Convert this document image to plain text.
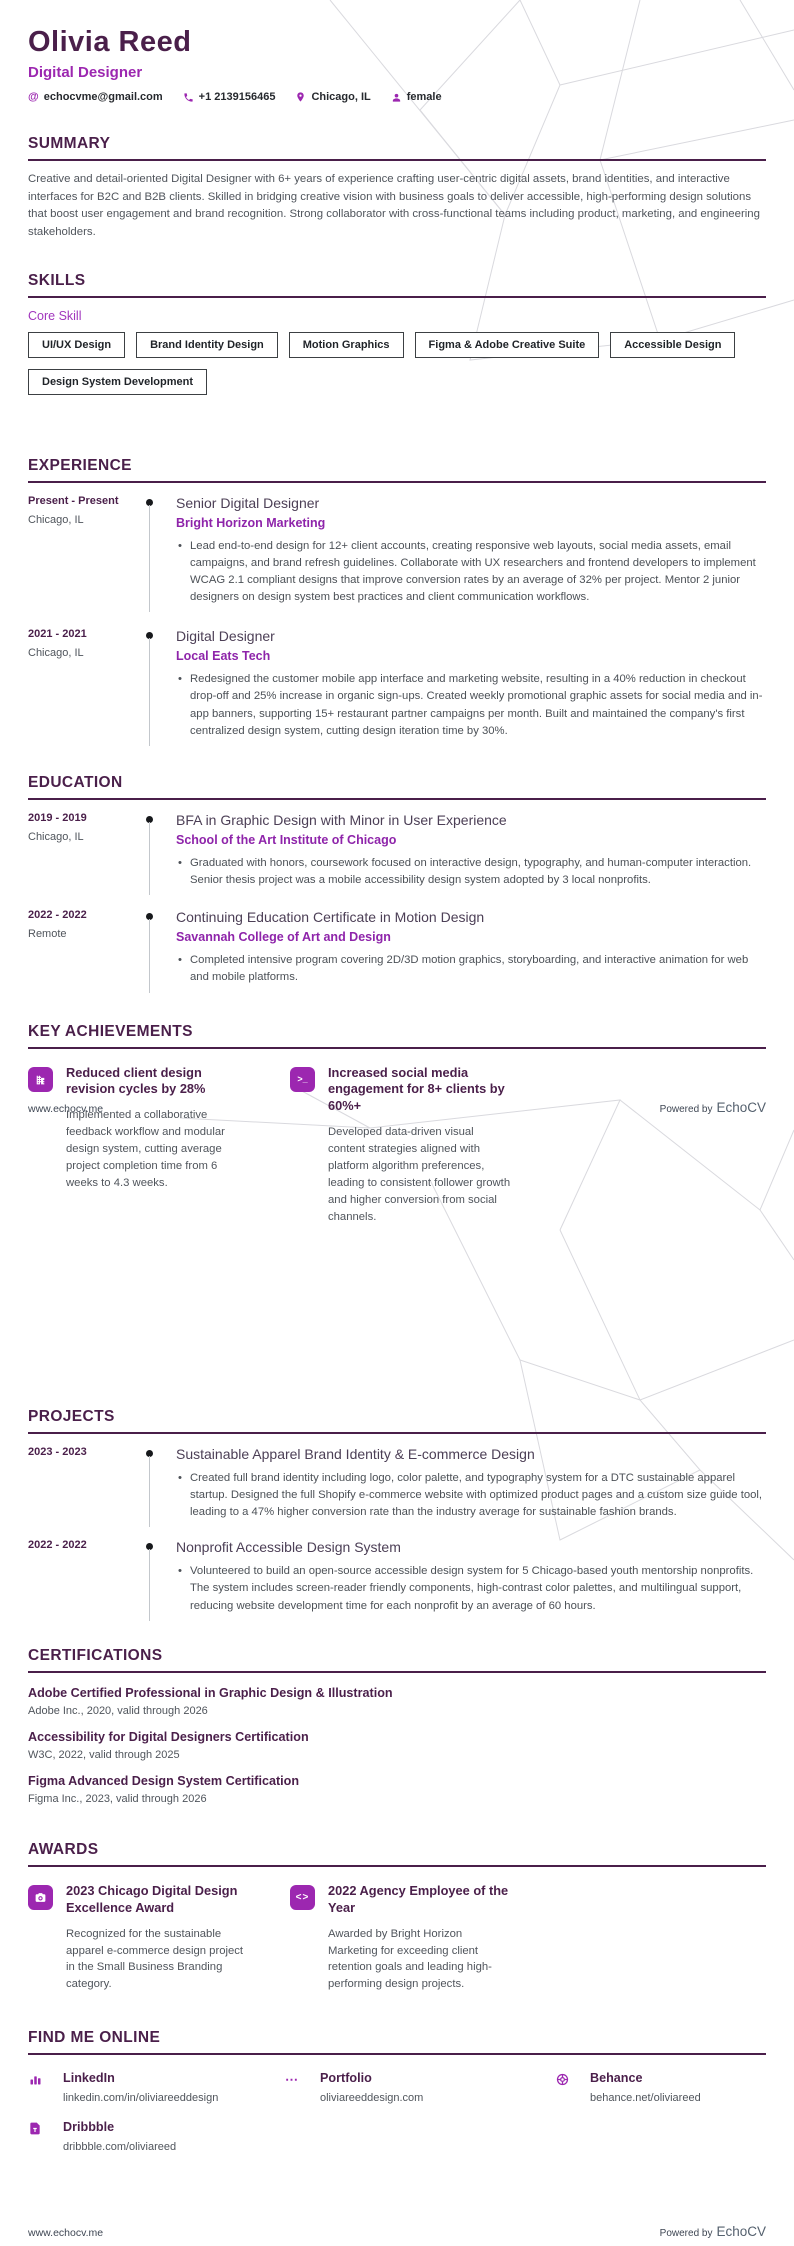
Olivia Reed
Digital Designer
@ echocvme@gmail.com	+1 2139156465	Chicago, IL	female
SUMMARY
Creative and detail-oriented Digital Designer with 6+ years of experience crafting user-centric digital assets, brand identities, and interactive interfaces for B2C and B2B clients. Skilled in bridging creative vision with business goals to deliver accessible, high-performing design solutions that boost user engagement and brand recognition. Strong collaborator with cross-functional teams including product, marketing, and engineering stakeholders.
SKILLS
Core Skill
UI/UX Design	Brand Identity Design	Motion Graphics	Figma & Adobe Creative Suite	Accessible Design
Design System Development
EXPERIENCE
Present - Present
Chicago, IL
Senior Digital Designer
Bright Horizon Marketing
• Lead end-to-end design for 12+ client accounts, creating responsive web layouts, social media assets, email campaigns, and brand refresh guidelines. Collaborate with UX researchers and frontend developers to implement WCAG 2.1 compliant designs that improve conversion rates by an average of 32% per project. Mentor 2 junior designers on design system best practices and client communication workflows.
2021 - 2021
Chicago, IL
Digital Designer
Local Eats Tech
• Redesigned the customer mobile app interface and marketing website, resulting in a 40% reduction in checkout drop-off and 25% increase in organic sign-ups. Created weekly promotional graphic assets for social media and in-app banners, supporting 15+ restaurant partner campaigns per month. Built and maintained the company's first centralized design system, cutting design iteration time by 30%.
EDUCATION
2019 - 2019
Chicago, IL
BFA in Graphic Design with Minor in User Experience
School of the Art Institute of Chicago
• Graduated with honors, coursework focused on interactive design, typography, and human-computer interaction. Senior thesis project was a mobile accessibility design system adopted by 3 local nonprofits.
2022 - 2022
Remote
Continuing Education Certificate in Motion Design
Savannah College of Art and Design
• Completed intensive program covering 2D/3D motion graphics, storyboarding, and interactive animation for web and mobile platforms.
KEY ACHIEVEMENTS
Reduced client design revision cycles by 28%
Implemented a collaborative feedback workflow and modular design system, cutting average project completion time from 6 weeks to 4.3 weeks.
>_	Increased social media engagement for 8+ clients by 60%+
Developed data-driven visual content strategies aligned with platform algorithm preferences, leading to consistent follower growth and higher conversion from social channels.
PROJECTS
2023 - 2023	Sustainable Apparel Brand Identity & E-commerce Design
• Created full brand identity including logo, color palette, and typography system for a DTC sustainable apparel startup. Designed the full Shopify e-commerce website with optimized product pages and a custom size guide tool, leading to a 47% higher conversion rate than the industry average for sustainable fashion brands.
2022 - 2022	Nonprofit Accessible Design System
• Volunteered to build an open-source accessible design system for 5 Chicago-based youth mentorship nonprofits. The system includes screen-reader friendly components, high-contrast color palettes, and multilingual support, reducing website development time for each nonprofit by an average of 60 hours.
CERTIFICATIONS
Adobe Certified Professional in Graphic Design & Illustration
Adobe Inc., 2020, valid through 2026
Accessibility for Digital Designers Certification
W3C, 2022, valid through 2025
Figma Advanced Design System Certification
Figma Inc., 2023, valid through 2026
AWARDS
2023 Chicago Digital Design Excellence Award
Recognized for the sustainable apparel e-commerce design project in the Small Business Branding category.
<>	2022 Agency Employee of the Year
Awarded by Bright Horizon Marketing for exceeding client retention goals and leading high-performing design projects.
FIND ME ONLINE
LinkedIn
linkedin.com/in/oliviareeddesign
⋯	Portfolio
oliviareeddesign.com
Behance
behance.net/oliviareed
Dribbble
dribbble.com/oliviareed
www.echocv.me	Powered by EchoCV
www.echocv.me	Powered by EchoCV
